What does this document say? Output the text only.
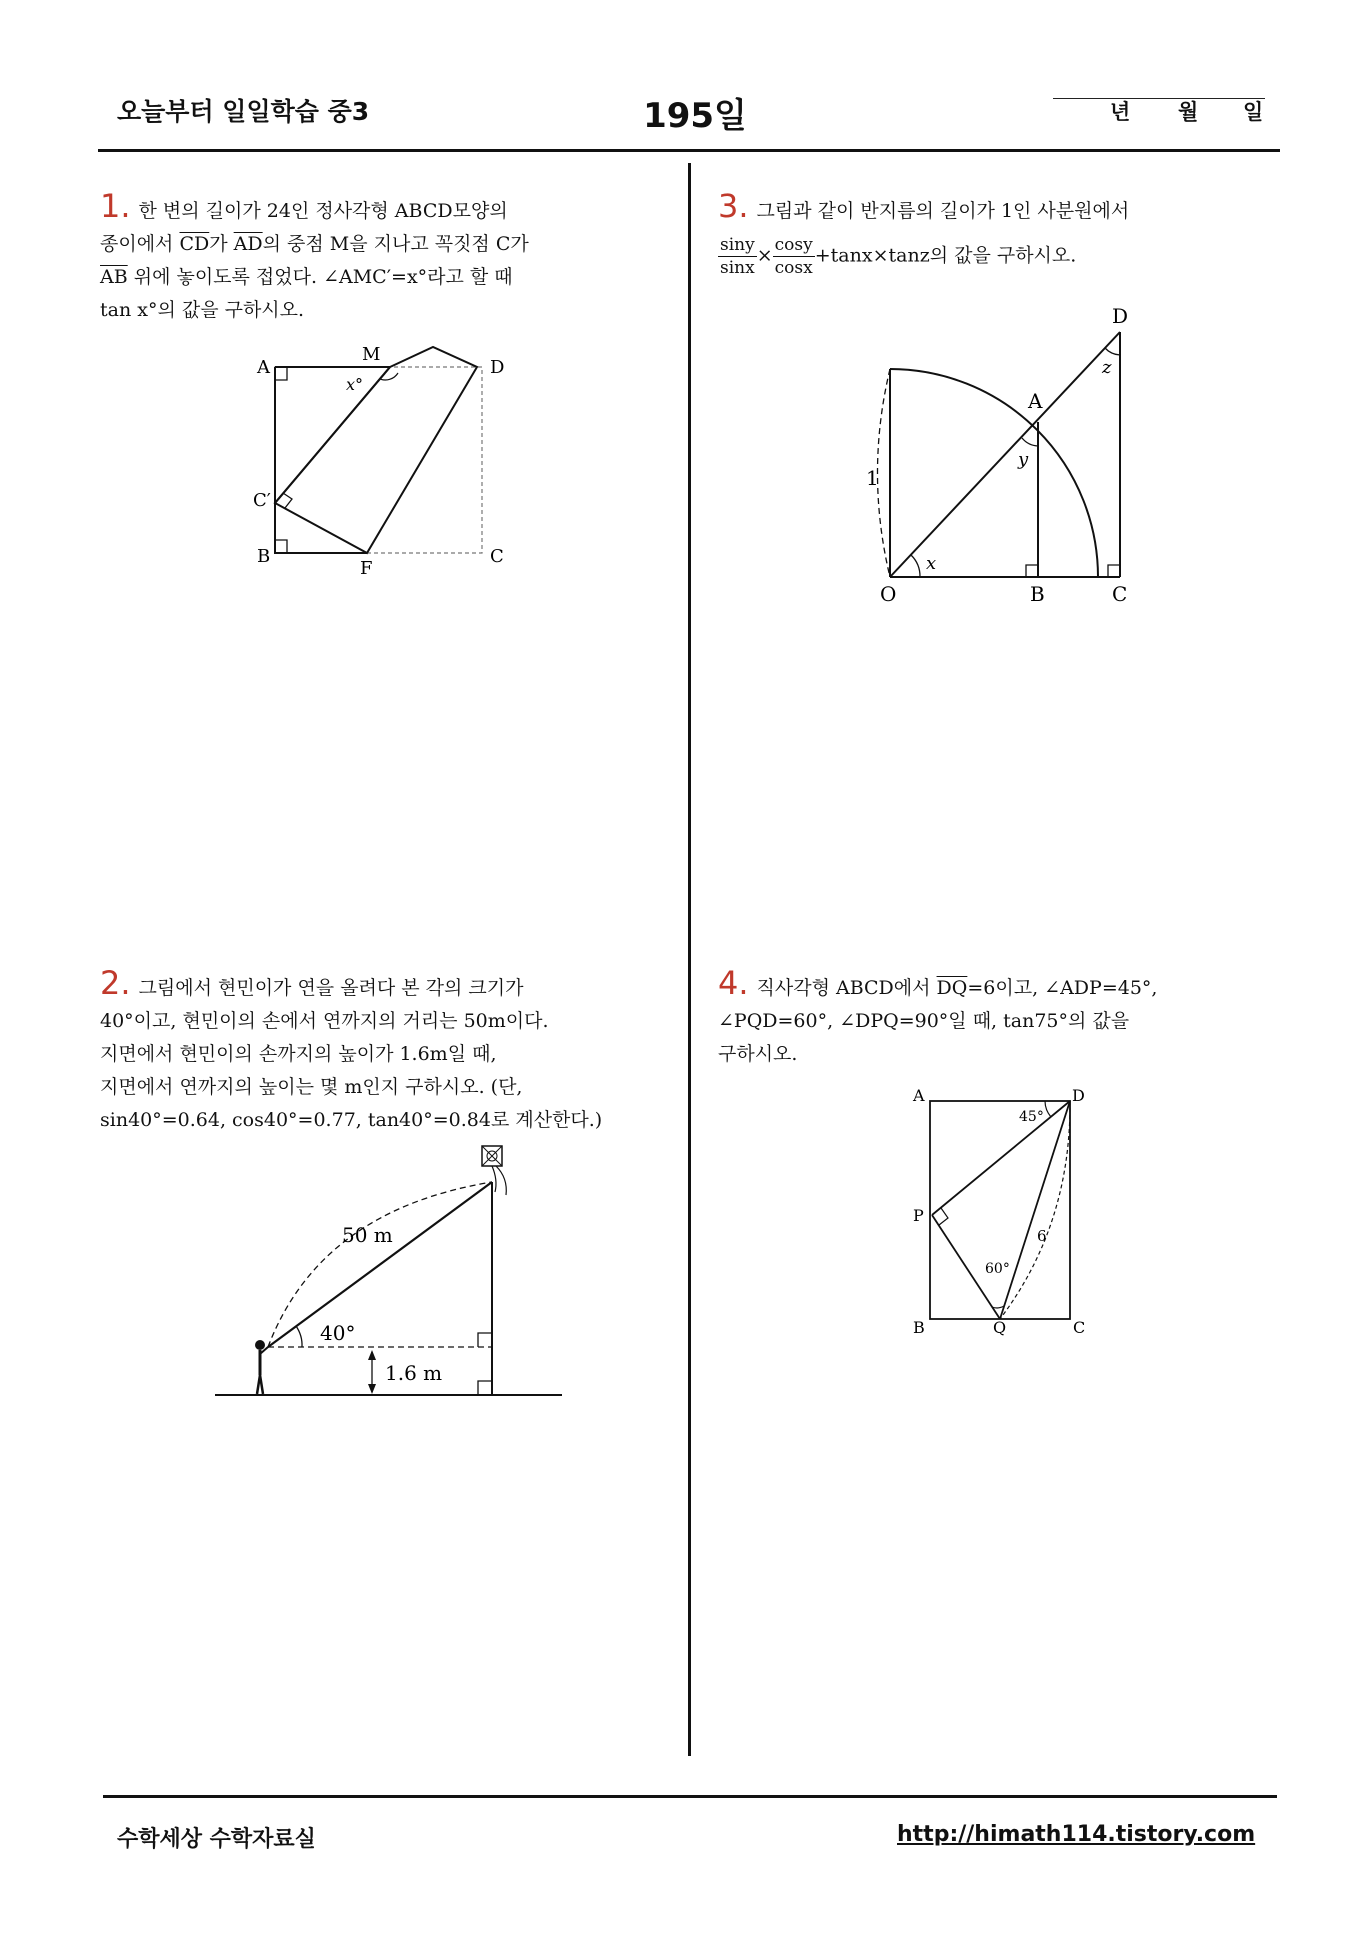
오늘부터 일일학습 중3	195일	년 월 일
1. 한 변의 길이가 24인 정사각형 ABCD모양의
종이에서 $\overline{CD}$가 $\overline{AD}$의 중점 M을 지나고 꼭짓점 C가
$\overline{AB}$ 위에 놓이도록 접었다. ∠AMC′=x°라고 할 때
tan x°의 값을 구하시오.
A
M
D
x°
C′
B
F
C
2. 그림에서 현민이가 연을 올려다 본 각의 크기가
40°이고, 현민이의 손에서 연까지의 거리는 50m이다.
지면에서 현민이의 손까지의 높이가 1.6m일 때,
지면에서 연까지의 높이는 몇 m인지 구하시오. (단,
sin40°=0.64, cos40°=0.77, tan40°=0.84로 계산한다.)
50 m
40°
1.6 m
3. 그림과 같이 반지름의 길이가 1인 사분원에서
$\frac{\sin y}{\sin x} \times \frac{\cos y}{\cos x} +\tan x\times\tan z$의 값을 구하시오.
D
z
A
y
1
x
O	B	C
4. 직사각형 ABCD에서 $\overline{DQ}=6$이고, ∠ADP=45°,
∠PQD=60°, ∠DPQ=90°일 때, tan75°의 값을
구하시오.
A	D
45°
P
6
60°
B	Q	C
수학세상 수학자료실	http://himath114.tistory.com
